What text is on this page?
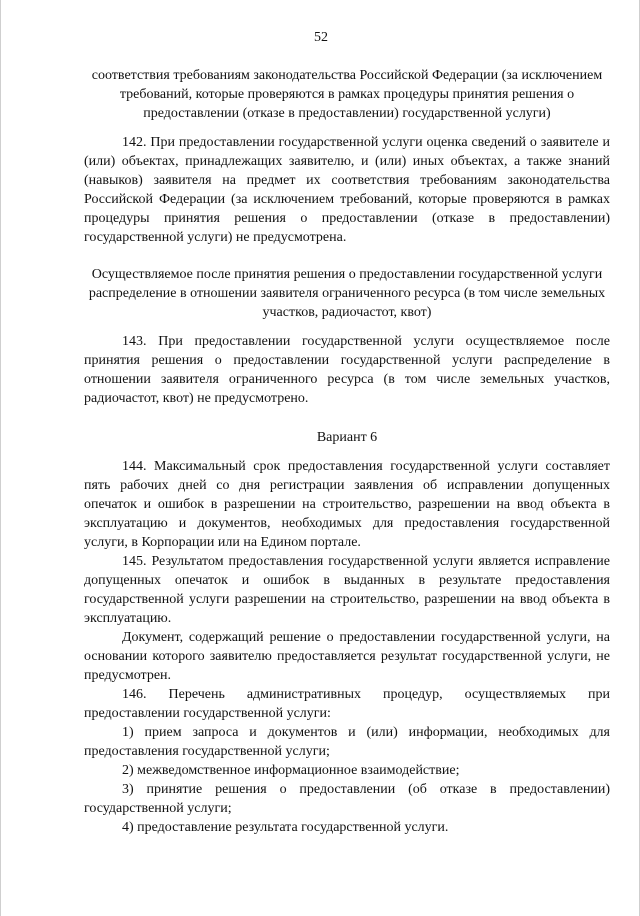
52

соответствия требованиям законодательства Российской Федерации (за исключением требований, которые проверяются в рамках процедуры принятия решения о предоставлении (отказе в предоставлении) государственной услуги)

142. При предоставлении государственной услуги оценка сведений о заявителе и (или) объектах, принадлежащих заявителю, и (или) иных объектах, а также знаний (навыков) заявителя на предмет их соответствия требованиям законодательства Российской Федерации (за исключением требований, которые проверяются в рамках процедуры принятия решения о предоставлении (отказе в предоставлении) государственной услуги) не предусмотрена.

Осуществляемое после принятия решения о предоставлении государственной услуги распределение в отношении заявителя ограниченного ресурса (в том числе земельных участков, радиочастот, квот)

143. При предоставлении государственной услуги осуществляемое после принятия решения о предоставлении государственной услуги распределение в отношении заявителя ограниченного ресурса (в том числе земельных участков, радиочастот, квот) не предусмотрено.

Вариант 6

144. Максимальный срок предоставления государственной услуги составляет пять рабочих дней со дня регистрации заявления об исправлении допущенных опечаток и ошибок в разрешении на строительство, разрешении на ввод объекта в эксплуатацию и документов, необходимых для предоставления государственной услуги, в Корпорации или на Едином портале.

145. Результатом предоставления государственной услуги является исправление допущенных опечаток и ошибок в выданных в результате предоставления государственной услуги разрешении на строительство, разрешении на ввод объекта в эксплуатацию.

Документ, содержащий решение о предоставлении государственной услуги, на основании которого заявителю предоставляется результат государственной услуги, не предусмотрен.

146. Перечень административных процедур, осуществляемых при предоставлении государственной услуги:

1) прием запроса и документов и (или) информации, необходимых для предоставления государственной услуги;

2) межведомственное информационное взаимодействие;

3) принятие решения о предоставлении (об отказе в предоставлении) государственной услуги;

4) предоставление результата государственной услуги.
